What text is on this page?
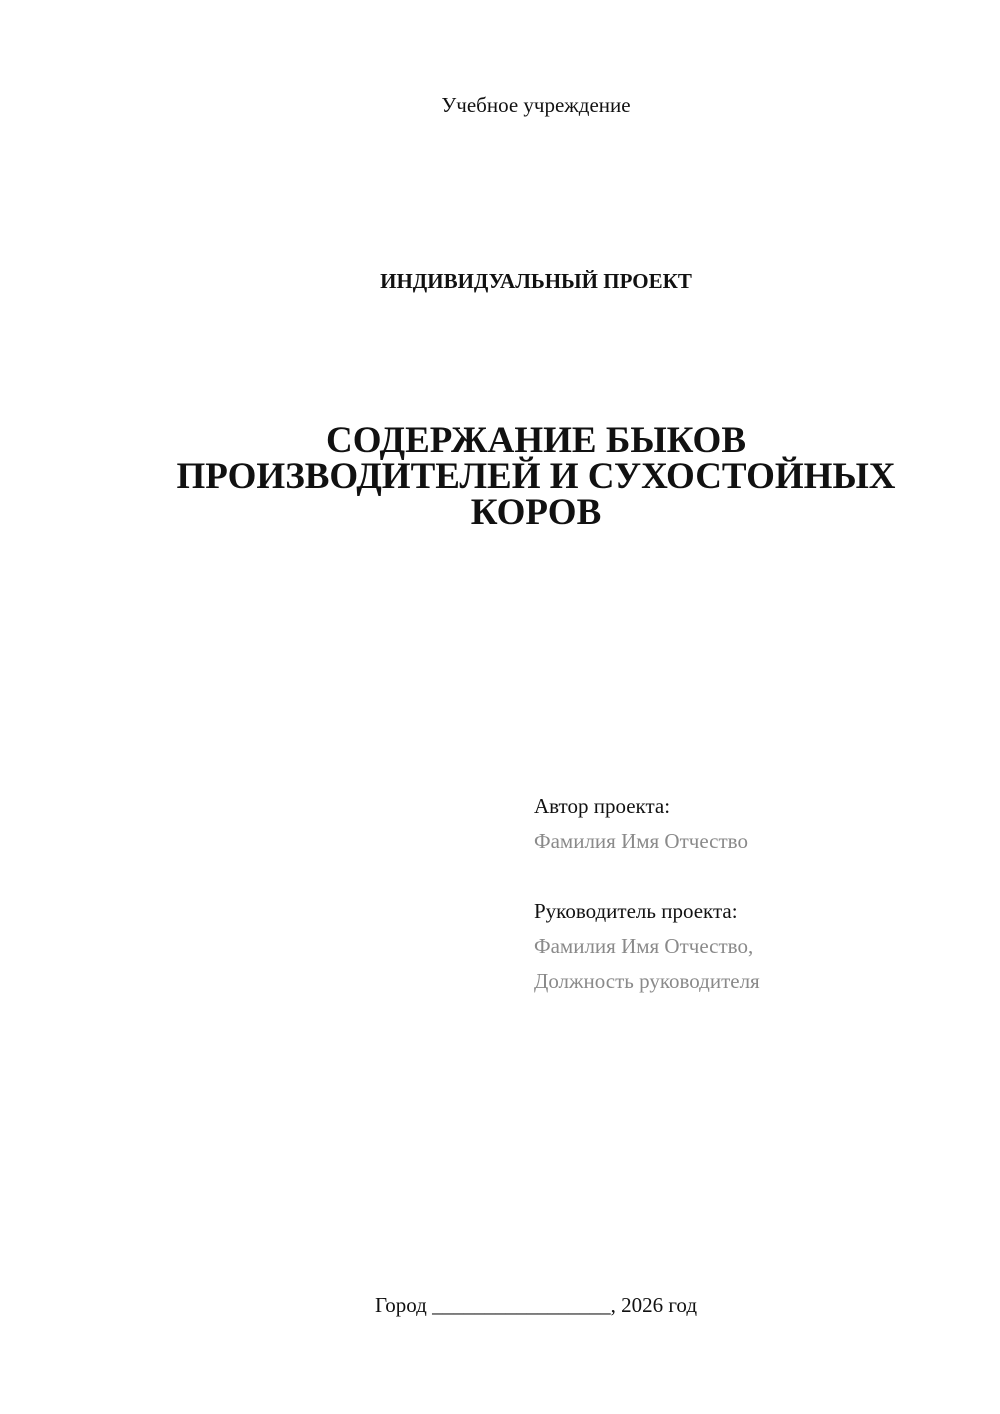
Учебное учреждение

ИНДИВИДУАЛЬНЫЙ ПРОЕКТ

СОДЕРЖАНИЕ БЫКОВ
ПРОИЗВОДИТЕЛЕЙ И СУХОСТОЙНЫХ
КОРОВ
Автор проекта:
Фамилия Имя Отчество
Руководитель проекта:
Фамилия Имя Отчество,
Должность руководителя

Город _________________, 2026 год
